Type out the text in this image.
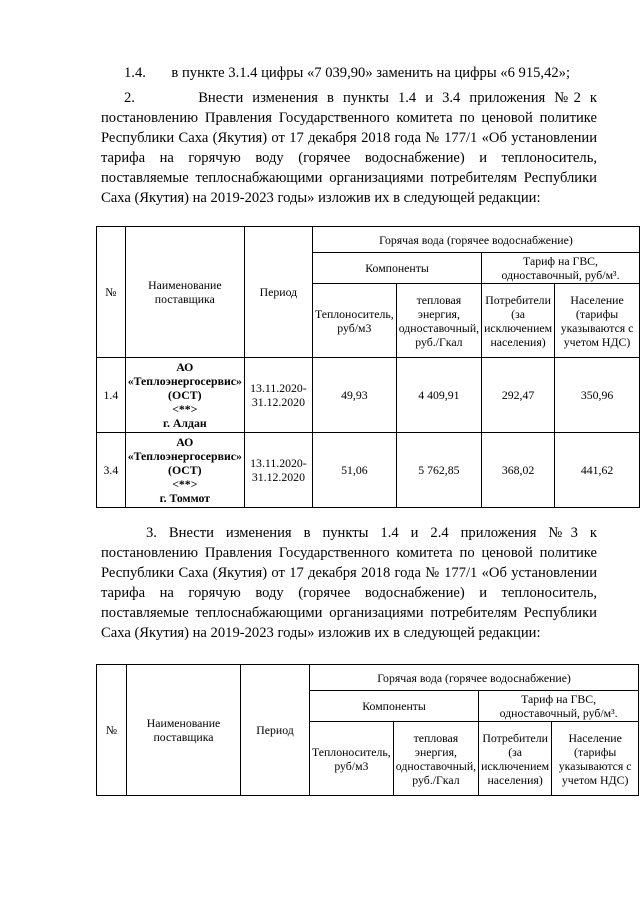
1.4.       в пункте 3.1.4 цифры «7 039,90» заменить на цифры «6 915,42»;

2.       Внести изменения в пункты 1.4 и 3.4 приложения №2 к постановлению Правления Государственного комитета по ценовой политике Республики Саха (Якутия) от 17 декабря 2018 года № 177/1 «Об установлении тарифа на горячую воду (горячее водоснабжение) и теплоноситель, поставляемые теплоснабжающими организациями потребителям Республики Саха (Якутия) на 2019-2023 годы» изложив их в следующей редакции:

№	Наименование поставщика	Период	Горячая вода (горячее водоснабжение)			
			Компоненты		Тариф на ГВС, одноставочный, руб/м³.	
			Теплоноситель, руб/м3	тепловая энергия, одноставочный, руб./Гкал	Потребители (за исключением населения)	Население (тарифы указываются с учетом НДС)
1.4	АО
«Теплоэнергосервис» (ОСТ)
<**>
г. Алдан	13.11.2020-31.12.2020	49,93	4 409,91	292,47	350,96
3.4	АО
«Теплоэнергосервис» (ОСТ)
<**>
г. Томмот	13.11.2020-31.12.2020	51,06	5 762,85	368,02	441,62

3. Внести изменения в пункты 1.4 и 2.4 приложения №3 к постановлению Правления Государственного комитета по ценовой политике Республики Саха (Якутия) от 17 декабря 2018 года № 177/1 «Об установлении тарифа на горячую воду (горячее водоснабжение) и теплоноситель, поставляемые теплоснабжающими организациями потребителям Республики Саха (Якутия) на 2019-2023 годы» изложив их в следующей редакции:

№	Наименование поставщика	Период	Горячая вода (горячее водоснабжение)			
			Компоненты		Тариф на ГВС, одноставочный, руб/м³.	
			Теплоноситель, руб/м3	тепловая энергия, одноставочный, руб./Гкал	Потребители (за исключением населения)	Население (тарифы указываются с учетом НДС)
